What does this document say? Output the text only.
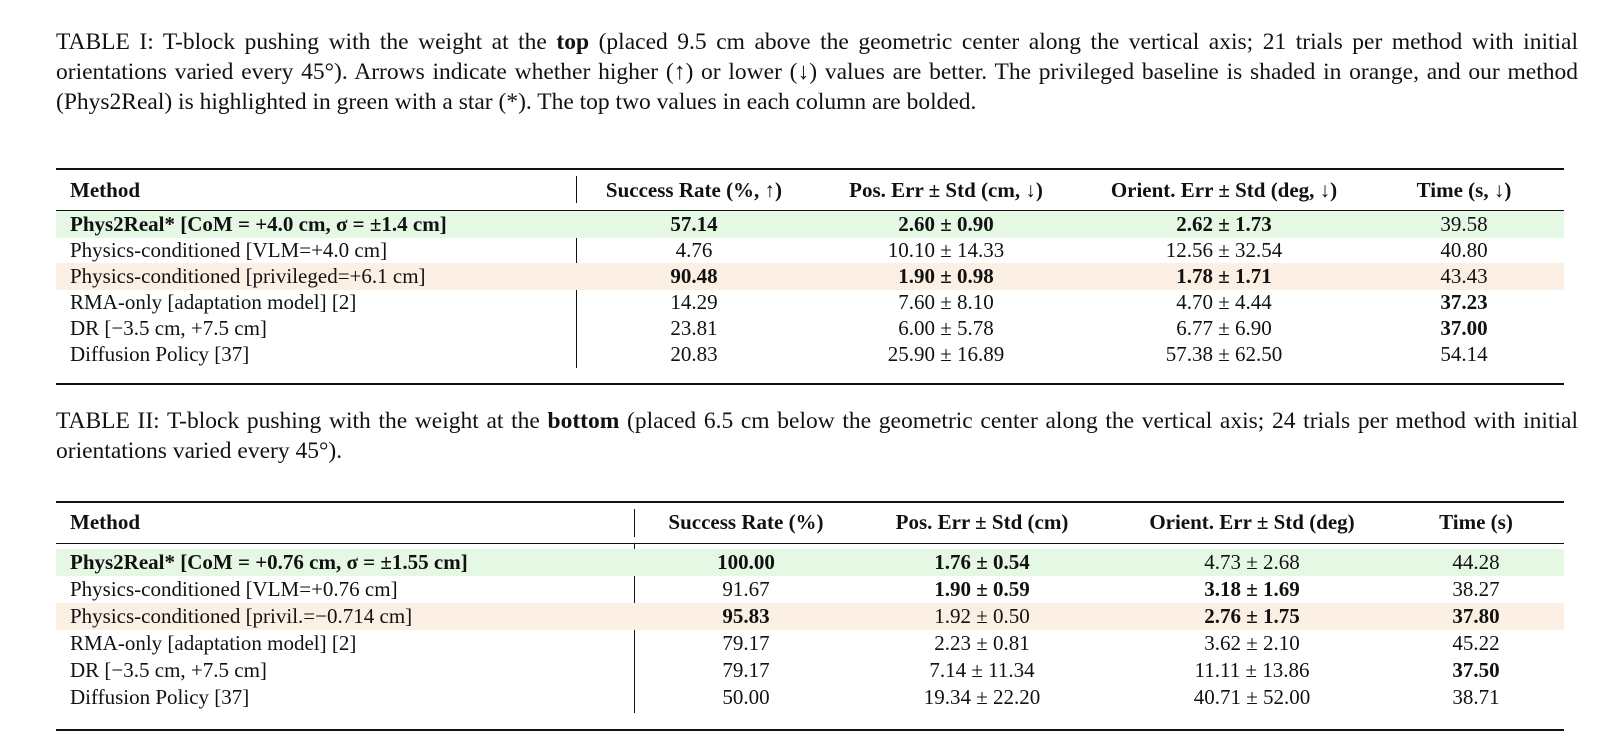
TABLE I: T-block pushing with the weight at the top (placed 9.5 cm above the geometric center along the vertical axis; 21 trials per method with initial orientations varied every 45°). Arrows indicate whether higher (↑) or lower (↓) values are better. The privileged baseline is shaded in orange, and our method (Phys2Real) is highlighted in green with a star (*). The top two values in each column are bolded.
Method	Success Rate (%, ↑)	Pos. Err ± Std (cm, ↓)	Orient. Err ± Std (deg, ↓)	Time (s, ↓)
Phys2Real* [CoM = +4.0 cm, σ = ±1.4 cm]	57.14	2.60 ± 0.90	2.62 ± 1.73	39.58
Physics-conditioned [VLM=+4.0 cm]	4.76	10.10 ± 14.33	12.56 ± 32.54	40.80
Physics-conditioned [privileged=+6.1 cm]	90.48	1.90 ± 0.98	1.78 ± 1.71	43.43
RMA-only [adaptation model] [2]	14.29	7.60 ± 8.10	4.70 ± 4.44	37.23
DR [−3.5 cm, +7.5 cm]	23.81	6.00 ± 5.78	6.77 ± 6.90	37.00
Diffusion Policy [37]	20.83	25.90 ± 16.89	57.38 ± 62.50	54.14
TABLE II: T-block pushing with the weight at the bottom (placed 6.5 cm below the geometric center along the vertical axis; 24 trials per method with initial orientations varied every 45°).
Method	Success Rate (%)	Pos. Err ± Std (cm)	Orient. Err ± Std (deg)	Time (s)
Phys2Real* [CoM = +0.76 cm, σ = ±1.55 cm]	100.00	1.76 ± 0.54	4.73 ± 2.68	44.28
Physics-conditioned [VLM=+0.76 cm]	91.67	1.90 ± 0.59	3.18 ± 1.69	38.27
Physics-conditioned [privil.=−0.714 cm]	95.83	1.92 ± 0.50	2.76 ± 1.75	37.80
RMA-only [adaptation model] [2]	79.17	2.23 ± 0.81	3.62 ± 2.10	45.22
DR [−3.5 cm, +7.5 cm]	79.17	7.14 ± 11.34	11.11 ± 13.86	37.50
Diffusion Policy [37]	50.00	19.34 ± 22.20	40.71 ± 52.00	38.71
